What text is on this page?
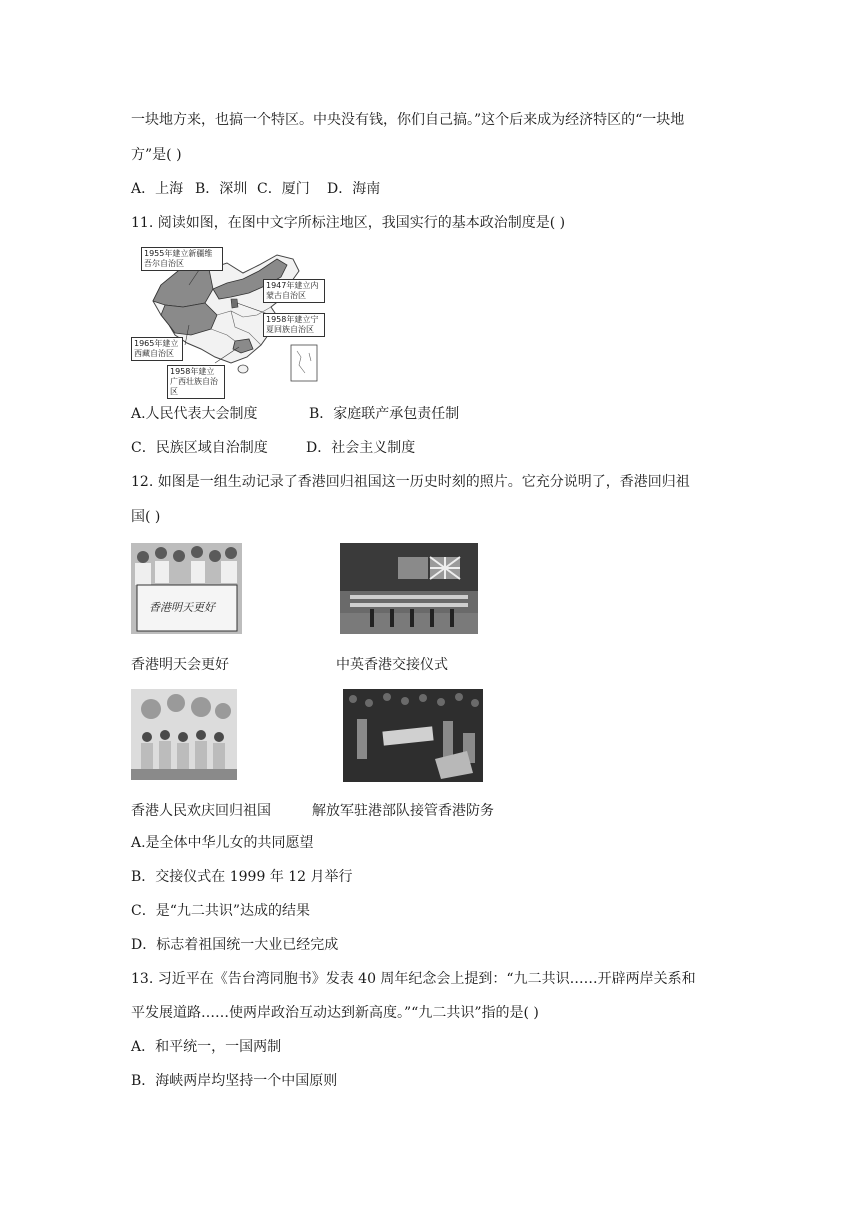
一块地方来，也搞一个特区。中央没有钱，你们自己搞。”这个后来成为经济特区的“一块地
方”是( )
A．上海 B．深圳 C．厦门 D．海南
11. 阅读如图，在图中文字所标注地区，我国实行的基本政治制度是( )
1955年建立新疆维吾尔自治区
1947年建立内蒙古自治区
1958年建立宁夏回族自治区
1965年建立西藏自治区
1958年建立广西壮族自治区
A.人民代表大会制度	B．家庭联产承包责任制
C．民族区域自治制度	D．社会主义制度
12. 如图是一组生动记录了香港回归祖国这一历史时刻的照片。它充分说明了，香港回归祖
国( )
香港明天更好
香港明天会更好	中英香港交接仪式
香港人民欢庆回归祖国	解放军驻港部队接管香港防务
A.是全体中华儿女的共同愿望
B．交接仪式在 1999 年 12 月举行
C．是“九二共识”达成的结果
D．标志着祖国统一大业已经完成
13. 习近平在《告台湾同胞书》发表 40 周年纪念会上提到：“九二共识……开辟两岸关系和
平发展道路……使两岸政治互动达到新高度。”“九二共识”指的是( )
A．和平统一，一国两制
B．海峡两岸均坚持一个中国原则
